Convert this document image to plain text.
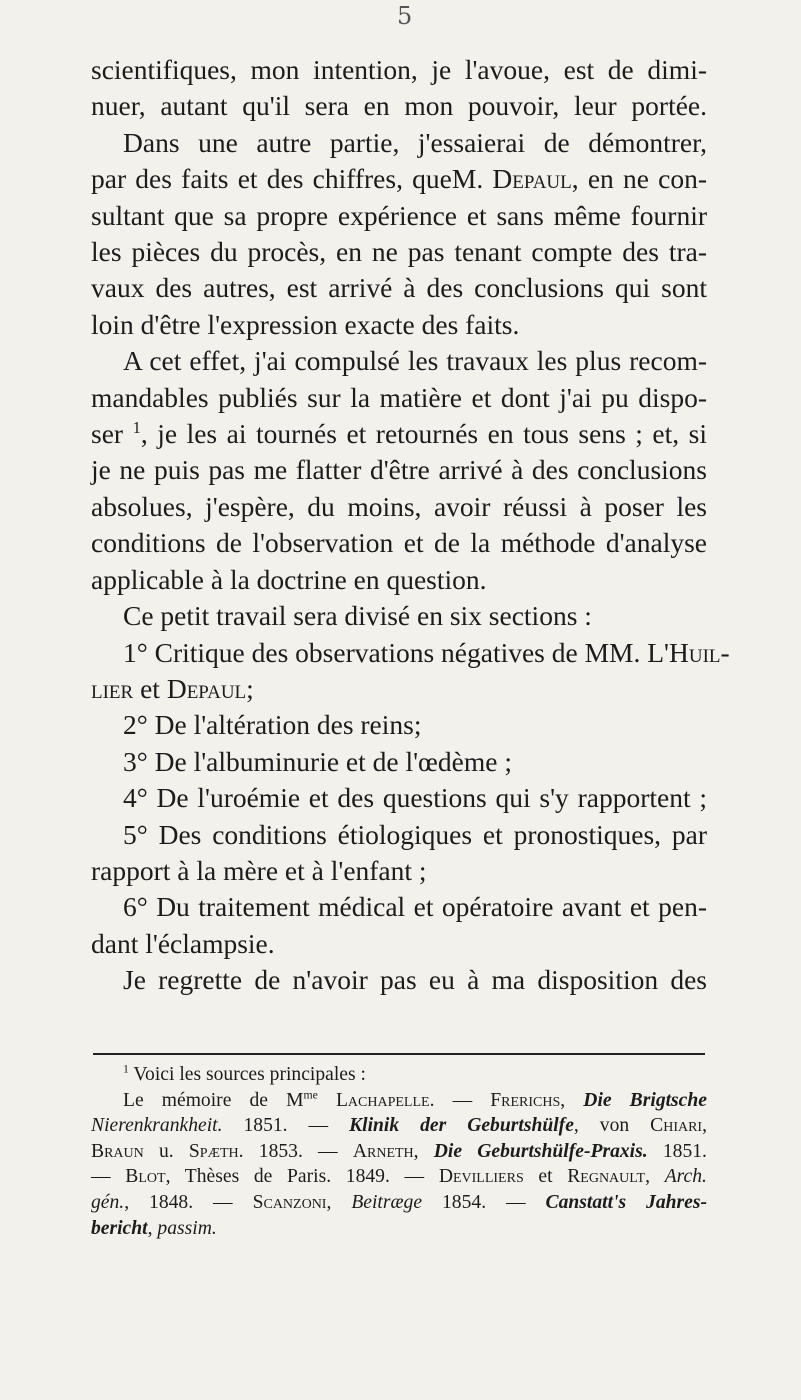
5
scientifiques, mon intention, je l'avoue, est de dimi-
nuer, autant qu'il sera en mon pouvoir, leur portée.
Dans une autre partie, j'essaierai de démontrer,
par des faits et des chiffres, queM. Depaul, en ne con-
sultant que sa propre expérience et sans même fournir
les pièces du procès, en ne pas tenant compte des tra-
vaux des autres, est arrivé à des conclusions qui sont
loin d'être l'expression exacte des faits.
A cet effet, j'ai compulsé les travaux les plus recom-
mandables publiés sur la matière et dont j'ai pu dispo-
ser $^1$, je les ai tournés et retournés en tous sens ; et, si
je ne puis pas me flatter d'être arrivé à des conclusions
absolues, j'espère, du moins, avoir réussi à poser les
conditions de l'observation et de la méthode d'analyse
applicable à la doctrine en question.
Ce petit travail sera divisé en six sections :
1° Critique des observations négatives de MM. L'Huil-
lier et Depaul;
2° De l'altération des reins;
3° De l'albuminurie et de l'œdème ;
4° De l'uroémie et des questions qui s'y rapportent ;
5° Des conditions étiologiques et pronostiques, par
rapport à la mère et à l'enfant ;
6° Du traitement médical et opératoire avant et pen-
dant l'éclampsie.
Je regrette de n'avoir pas eu à ma disposition des
$^1$ Voici les sources principales :
Le mémoire de $M^{me}$ Lachapelle. — Frerichs, Die Brigtsche
Nierenkrankheit. 1851. — Klinik der Geburtshülfe, von Chiari,
Braun u. Spæth. 1853. — Arneth, Die Geburtshülfe-Praxis. 1851.
— Blot, Thèses de Paris. 1849. — Devilliers et Regnault, Arch.
gén., 1848. — Scanzoni, Beitræge 1854. — Canstatt's Jahres-
bericht, passim.
